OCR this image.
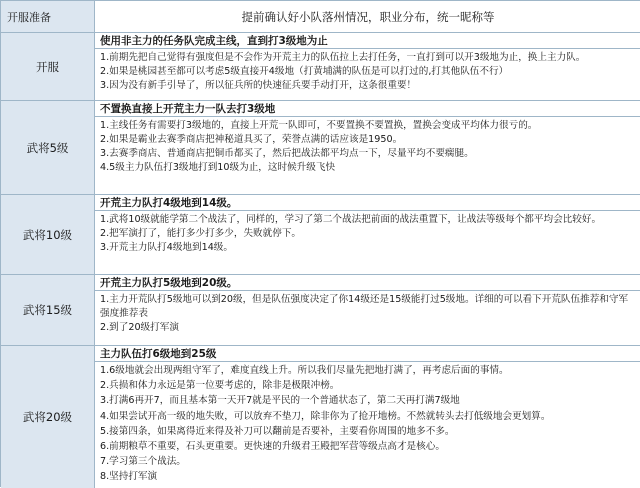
开服准备	提前确认好小队落州情况，职业分布，统一昵称等
开服
使用非主力的任务队完成主线，直到打3级地为止
1.前期先把自己觉得有强度但是不会作为开荒主力的队伍拉上去打任务，一直打到可以开3级地为止，换上主力队。
2.如果是桃园甚至都可以考虑5级直接开4级地（打黄埔满的队伍是可以打过的,打其他队伍不行）
3.因为没有新手引导了，所以征兵所的快速征兵要手动打开，这条很重要！
武将5级
不置换直接上开荒主力一队去打3级地
1.主线任务有需要打3级地的，直接上开荒一队即可，不要置换不要置换，置换会变成平均体力很亏的。
2.如果是霸业去赛季商店把神秘道具买了，荣誉点满的话应该是1950。
3.去赛季商店、普通商店把铜币都买了，然后把战法都平均点一下，尽量平均不要瘸腿。
4.5级主力队伍打3级地打到10级为止，这时候升级飞快
武将10级
开荒主力队打4级地到14级。
1.武将10级就能学第二个战法了，同样的，学习了第二个战法把前面的战法重置下，让战法等级每个都平均会比较好。
2.把军演打了，能打多少打多少，失败就停下。
3.开荒主力队打4级地到14级。
武将15级
开荒主力队打5级地到20级。
1.主力开荒队打5级地可以到20级，但是队伍强度决定了你14级还是15级能打过5级地。详细的可以看下开荒队伍推荐和守军强度推荐表
2.到了20级打军演
武将20级
主力队伍打6级地到25级
1.6级地就会出现两组守军了，难度直线上升。所以我们尽量先把地打满了，再考虑后面的事情。
2.兵损和体力永远是第一位要考虑的，除非是极限冲榜。
3.打满6再开7，而且基本第一天开7就是平民的一个普通状态了，第二天再打满7级地
4.如果尝试开高一级的地失败，可以放弃不垫刀，除非你为了抢开地榜。不然就转头去打低级地会更划算。
5.接第四条，如果离得近来得及补刀可以翻前是否要补，主要看你周围的地多不多。
6.前期粮草不重要，石头更重要。更快速的升级君王殿把军营等级点高才是核心。
7.学习第三个战法。
8.坚持打军演
